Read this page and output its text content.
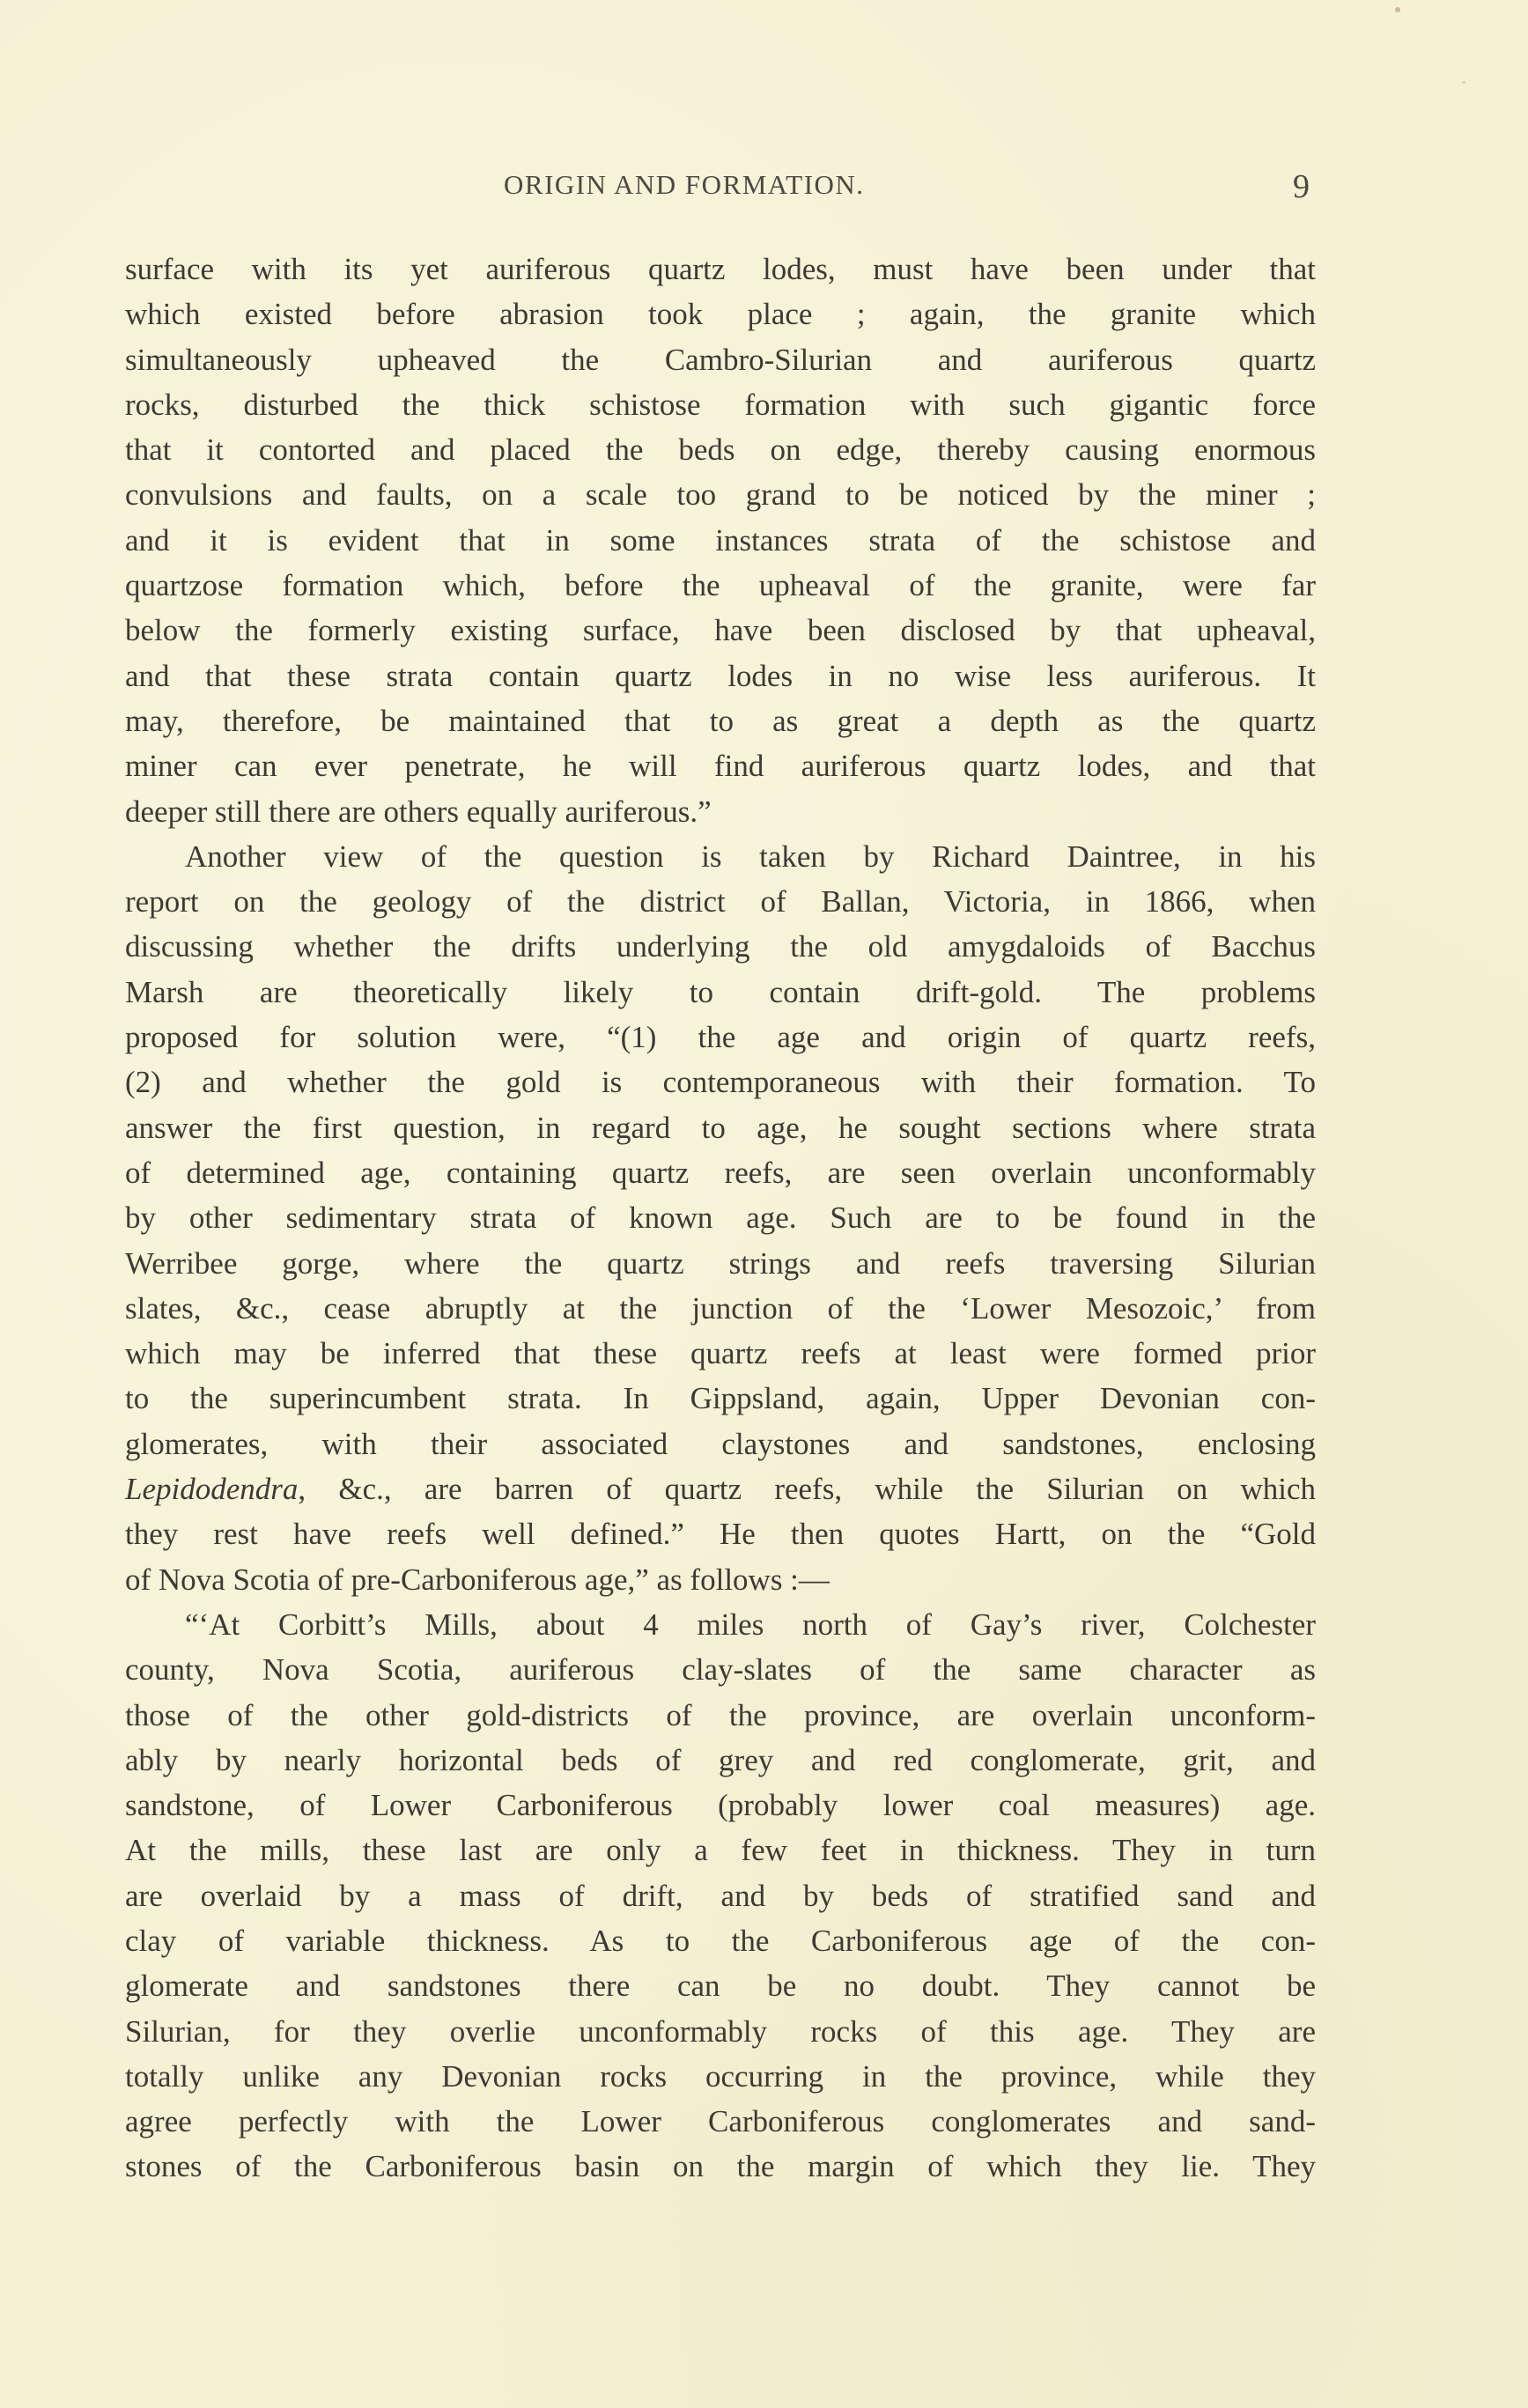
ORIGIN AND FORMATION.	9
surface with its yet auriferous quartz lodes, must have been under that
which existed before abrasion took place ; again, the granite which
simultaneously upheaved the Cambro-Silurian and auriferous quartz
rocks, disturbed the thick schistose formation with such gigantic force
that it contorted and placed the beds on edge, thereby causing enormous
convulsions and faults, on a scale too grand to be noticed by the miner ;
and it is evident that in some instances strata of the schistose and
quartzose formation which, before the upheaval of the granite, were far
below the formerly existing surface, have been disclosed by that upheaval,
and that these strata contain quartz lodes in no wise less auriferous. It
may, therefore, be maintained that to as great a depth as the quartz
miner can ever penetrate, he will find auriferous quartz lodes, and that
deeper still there are others equally auriferous.”
Another view of the question is taken by Richard Daintree, in his
report on the geology of the district of Ballan, Victoria, in 1866, when
discussing whether the drifts underlying the old amygdaloids of Bacchus
Marsh are theoretically likely to contain drift-gold. The problems
proposed for solution were, “(1) the age and origin of quartz reefs,
(2) and whether the gold is contemporaneous with their formation. To
answer the first question, in regard to age, he sought sections where strata
of determined age, containing quartz reefs, are seen overlain unconformably
by other sedimentary strata of known age. Such are to be found in the
Werribee gorge, where the quartz strings and reefs traversing Silurian
slates, &c., cease abruptly at the junction of the ‘Lower Mesozoic,’ from
which may be inferred that these quartz reefs at least were formed prior
to the superincumbent strata. In Gippsland, again, Upper Devonian con-
glomerates, with their associated claystones and sandstones, enclosing
Lepidodendra, &c., are barren of quartz reefs, while the Silurian on which
they rest have reefs well defined.” He then quotes Hartt, on the “Gold
of Nova Scotia of pre-Carboniferous age,” as follows :—
“‘At Corbitt’s Mills, about 4 miles north of Gay’s river, Colchester
county, Nova Scotia, auriferous clay-slates of the same character as
those of the other gold-districts of the province, are overlain unconform-
ably by nearly horizontal beds of grey and red conglomerate, grit, and
sandstone, of Lower Carboniferous (probably lower coal measures) age.
At the mills, these last are only a few feet in thickness. They in turn
are overlaid by a mass of drift, and by beds of stratified sand and
clay of variable thickness. As to the Carboniferous age of the con-
glomerate and sandstones there can be no doubt. They cannot be
Silurian, for they overlie unconformably rocks of this age. They are
totally unlike any Devonian rocks occurring in the province, while they
agree perfectly with the Lower Carboniferous conglomerates and sand-
stones of the Carboniferous basin on the margin of which they lie. They
